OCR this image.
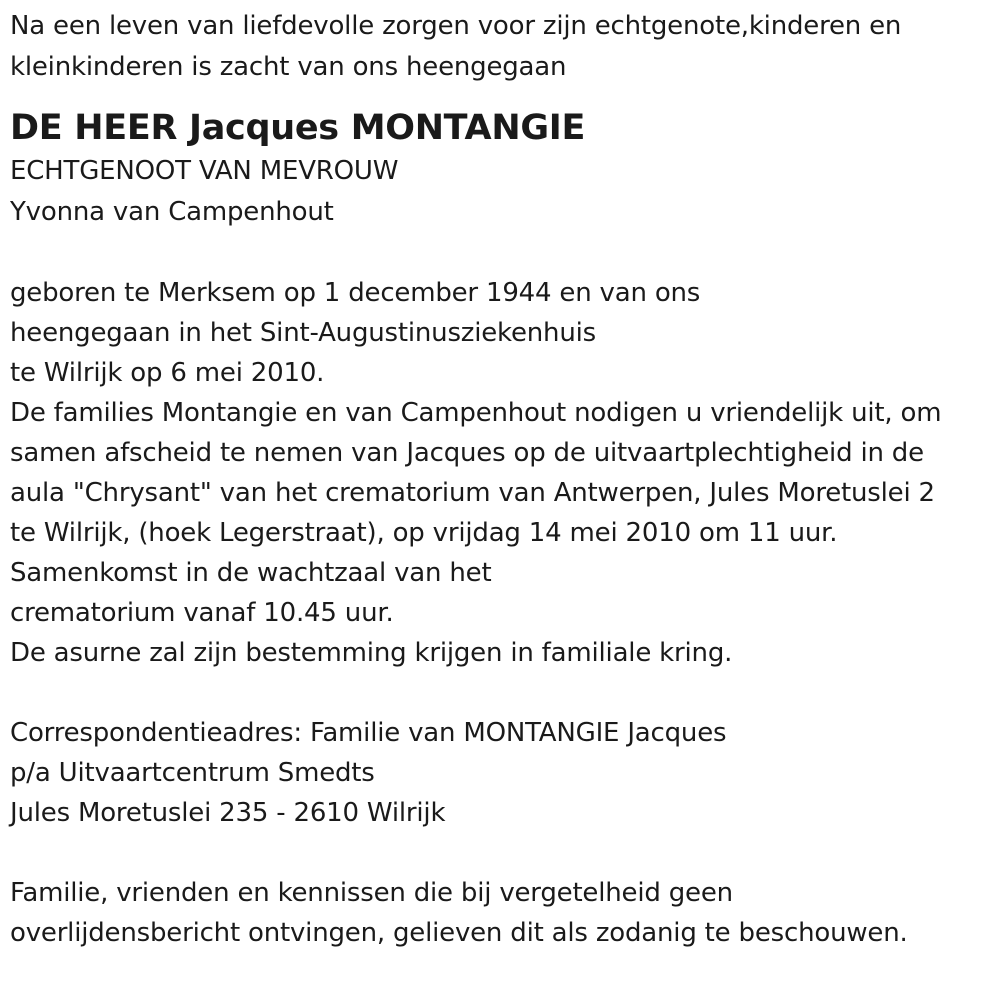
Na een leven van liefdevolle zorgen voor zijn echtgenote,kinderen en
kleinkinderen is zacht van ons heengegaan
DE HEER Jacques MONTANGIE
ECHTGENOOT VAN MEVROUW
Yvonna van Campenhout
geboren te Merksem op 1 december 1944 en van ons
heengegaan in het Sint-Augustinusziekenhuis
te Wilrijk op 6 mei 2010.
De families Montangie en van Campenhout nodigen u vriendelijk uit, om
samen afscheid te nemen van Jacques op de uitvaartplechtigheid in de
aula "Chrysant" van het crematorium van Antwerpen, Jules Moretuslei 2
te Wilrijk, (hoek Legerstraat), op vrijdag 14 mei 2010 om 11 uur.
Samenkomst in de wachtzaal van het
crematorium vanaf 10.45 uur.
De asurne zal zijn bestemming krijgen in familiale kring.
Correspondentieadres: Familie van MONTANGIE Jacques
p/a Uitvaartcentrum Smedts
Jules Moretuslei 235 - 2610 Wilrijk
Familie, vrienden en kennissen die bij vergetelheid geen
overlijdensbericht ontvingen, gelieven dit als zodanig te beschouwen.
